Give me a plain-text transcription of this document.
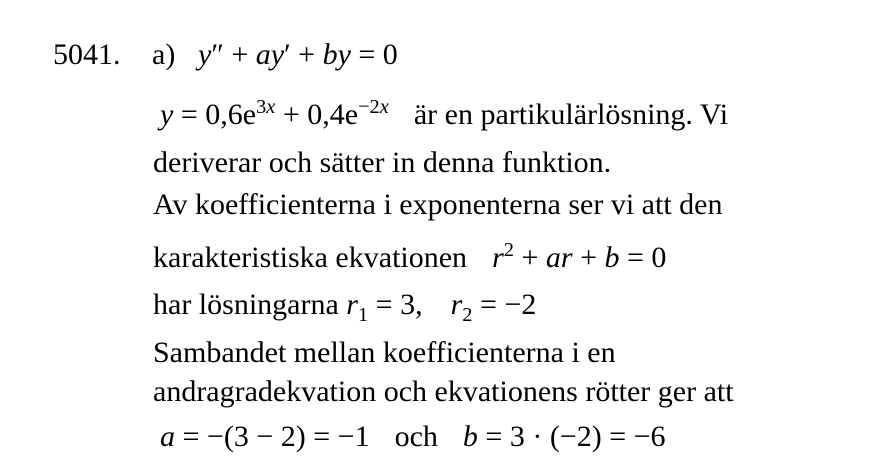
5041. a) y″ + ay′ + by = 0
$y = 0,6e^{3x} + 0,4e^{-2x}$ är en partikulärlösning. Vi
deriverar och sätter in denna funktion.
Av koefficienterna i exponenterna ser vi att den
karakteristiska ekvationen $r^2$ + ar + b = 0
har lösningarna $r_1 = 3$, $r_2 = -2$
Sambandet mellan koefficienterna i en
andragradekvation och ekvationens rötter ger att
a = −(3 − 2) = −1 och b = 3 · (−2) = −6
